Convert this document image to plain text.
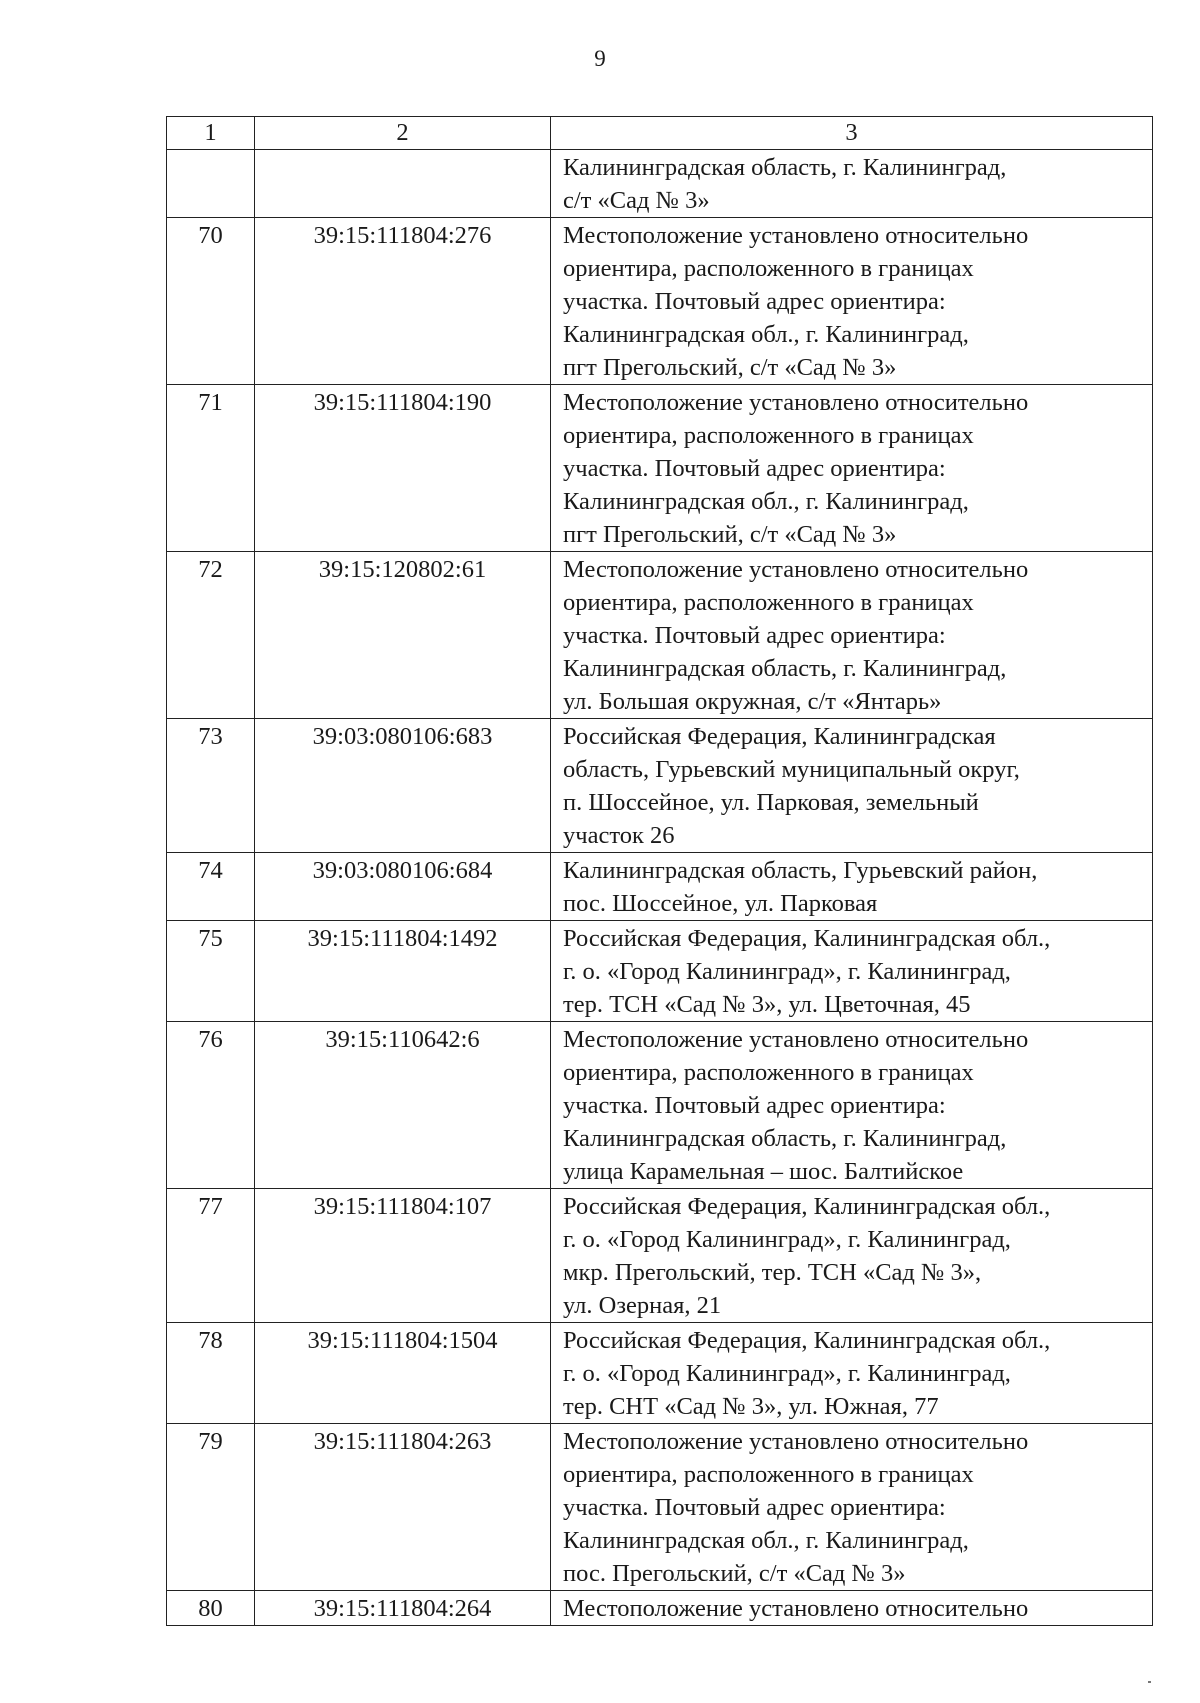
9
1	2	3

		Калининградская область, г. Калининград,
с/т «Сад № 3»

70	39:15:111804:276	Местоположение установлено относительно
ориентира, расположенного в границах
участка. Почтовый адрес ориентира:
Калининградская обл., г. Калининград,
пгт Прегольский, с/т «Сад № 3»

71	39:15:111804:190	Местоположение установлено относительно
ориентира, расположенного в границах
участка. Почтовый адрес ориентира:
Калининградская обл., г. Калининград,
пгт Прегольский, с/т «Сад № 3»

72	39:15:120802:61	Местоположение установлено относительно
ориентира, расположенного в границах
участка. Почтовый адрес ориентира:
Калининградская область, г. Калининград,
ул. Большая окружная, с/т «Янтарь»

73	39:03:080106:683	Российская Федерация, Калининградская
область, Гурьевский муниципальный округ,
п. Шоссейное, ул. Парковая, земельный
участок 26

74	39:03:080106:684	Калининградская область, Гурьевский район,
пос. Шоссейное, ул. Парковая

75	39:15:111804:1492	Российская Федерация, Калининградская обл.,
г. о. «Город Калининград», г. Калининград,
тер. ТСН «Сад № 3», ул. Цветочная, 45

76	39:15:110642:6	Местоположение установлено относительно
ориентира, расположенного в границах
участка. Почтовый адрес ориентира:
Калининградская область, г. Калининград,
улица Карамельная – шос. Балтийское

77	39:15:111804:107	Российская Федерация, Калининградская обл.,
г. о. «Город Калининград», г. Калининград,
мкр. Прегольский, тер. ТСН «Сад № 3»,
ул. Озерная, 21

78	39:15:111804:1504	Российская Федерация, Калининградская обл.,
г. о. «Город Калининград», г. Калининград,
тер. СНТ «Сад № 3», ул. Южная, 77

79	39:15:111804:263	Местоположение установлено относительно
ориентира, расположенного в границах
участка. Почтовый адрес ориентира:
Калининградская обл., г. Калининград,
пос. Прегольский, с/т «Сад № 3»

80	39:15:111804:264	Местоположение установлено относительно
